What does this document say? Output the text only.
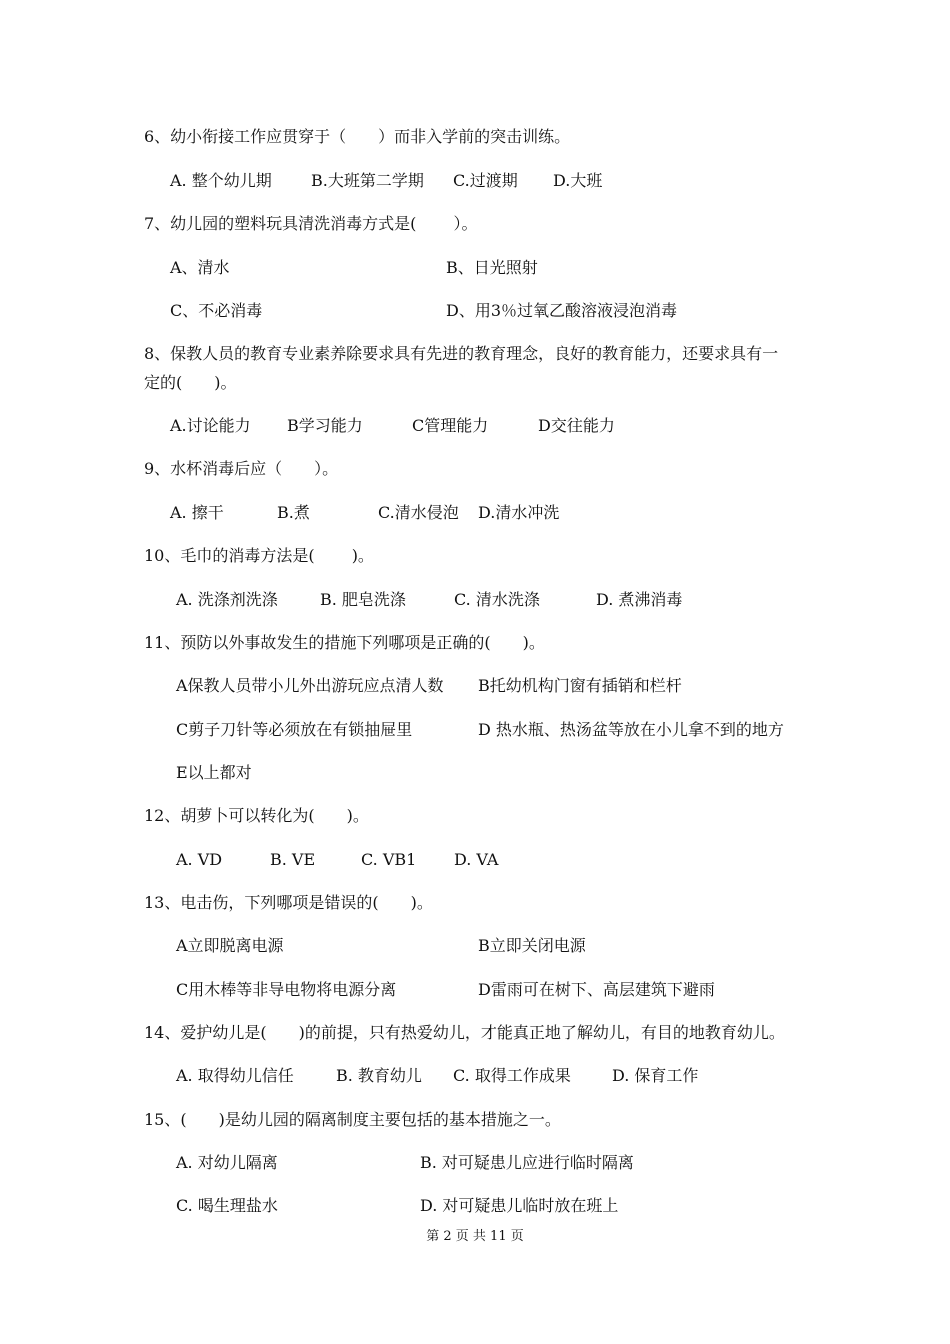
6、幼小衔接工作应贯穿于（　　）而非入学前的突击训练。
A. 整个幼儿期 B.大班第二学期 C.过渡期 D.大班
7、幼儿园的塑料玩具清洗消毒方式是(　　 ）。
A、清水	B、日光照射
C、不必消毒	D、用3％过氧乙酸溶液浸泡消毒
8、保教人员的教育专业素养除要求具有先进的教育理念，良好的教育能力，还要求具有一
定的(　　)。
A.讨论能力 B学习能力	C管理能力	D交往能力
9、水杯消毒后应（　　）。
A. 擦干	B.煮	C.清水侵泡 D.清水冲洗
10、毛巾的消毒方法是(　　 )。
A. 洗涤剂洗涤	B. 肥皂洗涤	C. 清水洗涤	D. 煮沸消毒
11、预防以外事故发生的措施下列哪项是正确的(　　)。
A保教人员带小儿外出游玩应点清人数 B托幼机构门窗有插销和栏杆
C剪子刀针等必须放在有锁抽屉里	D 热水瓶、热汤盆等放在小儿拿不到的地方
E以上都对
12、胡萝卜可以转化为(　　)。
A. VD	B. VE	C. VB1 D. VA
13、电击伤，下列哪项是错误的(　　)。
A立即脱离电源	B立即关闭电源
C用木棒等非导电物将电源分离	D雷雨可在树下、高层建筑下避雨
14、爱护幼儿是(　　)的前提，只有热爱幼儿，才能真正地了解幼儿，有目的地教育幼儿。
A. 取得幼儿信任	B. 教育幼儿 C. 取得工作成果	D. 保育工作
15、(　　)是幼儿园的隔离制度主要包括的基本措施之一。
A. 对幼儿隔离	B. 对可疑患儿应进行临时隔离
C. 喝生理盐水	D. 对可疑患儿临时放在班上
第 2 页 共 11 页
